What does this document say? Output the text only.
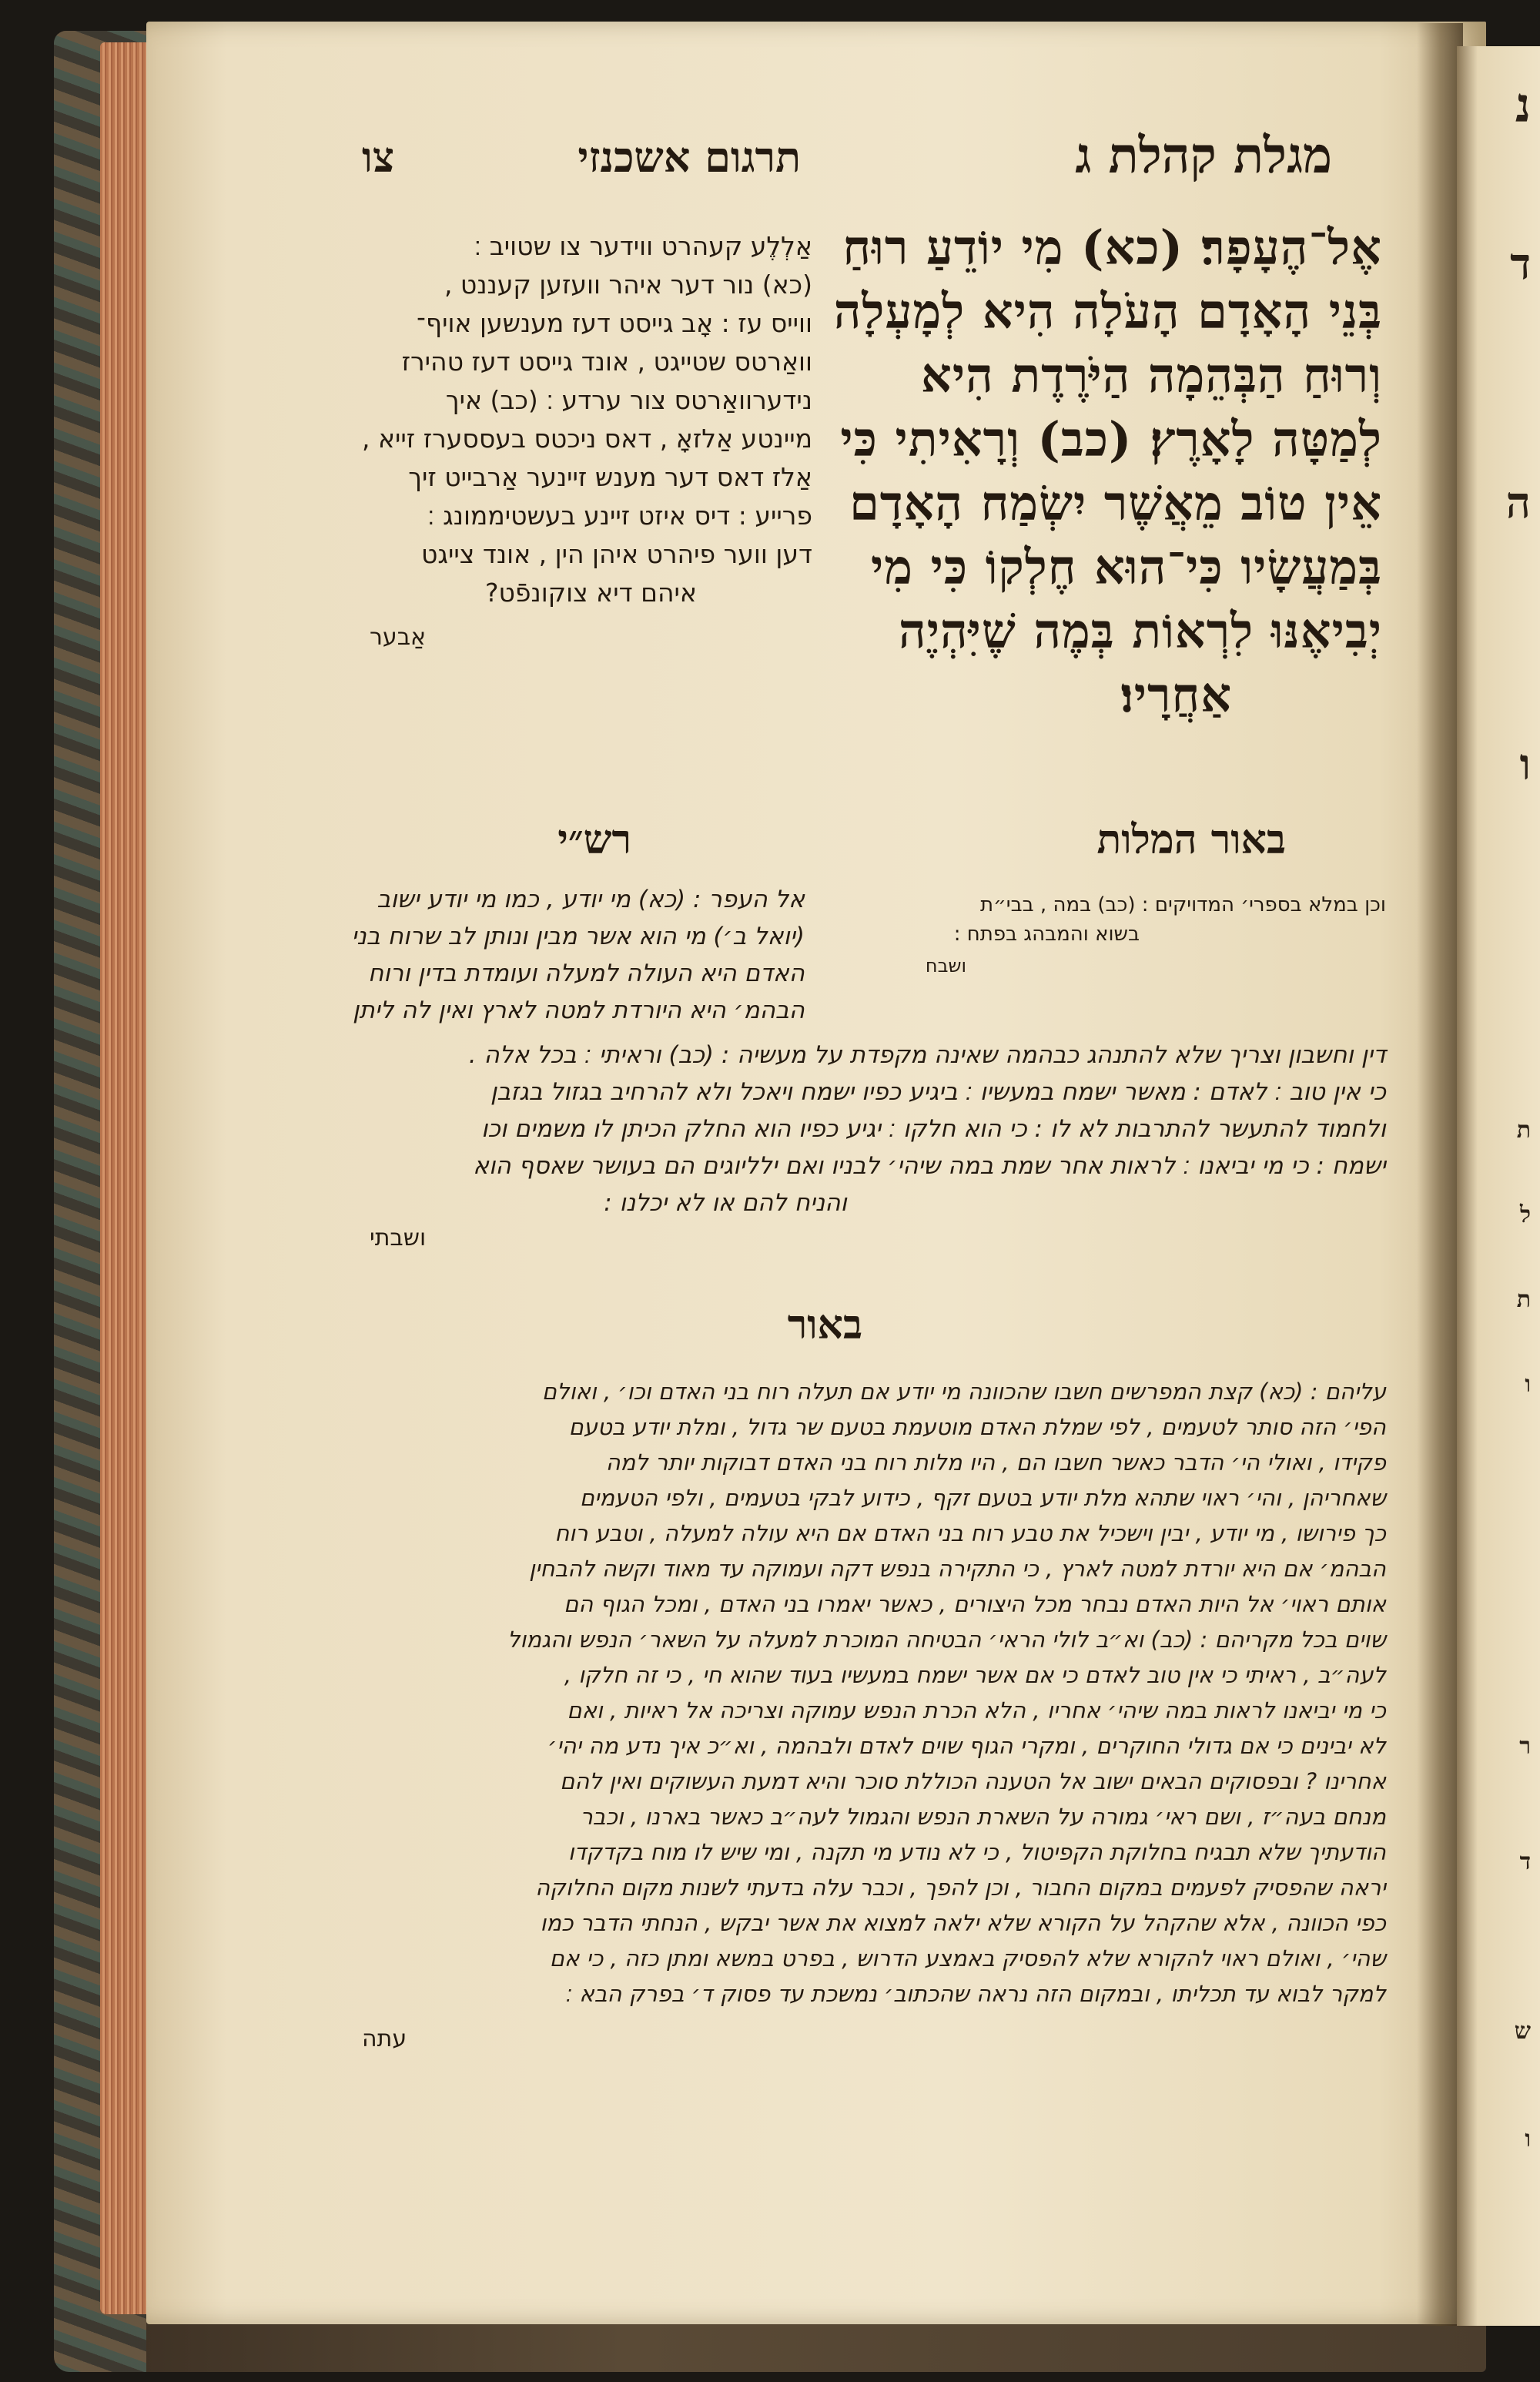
נ
ד
ה
ו
ת
ל
ת
ו
ר
ד
ש
ו
מגלת קהלת ג
תרגום אשכנזי
צו
אֶל־הֶעָפָר׃ (כא) מִי יוֹדֵעַ רוּחַ
בְּנֵי הָאָדָם הָעֹלָה הִיא לְמָעְלָה
וְרוּחַ הַבְּהֵמָה הַיֹּרֶדֶת הִיא
לְמַטָּה לָאָרֶץ׃ (כב) וְרָאִיתִי כִּי
אֵין טוֹב מֵאֲשֶׁר יִשְׂמַח הָאָדָם
בְּמַעֲשָׂיו כִּי־הוּא חֶלְקוֹ כִּי מִי
יְבִיאֶנּוּ לִרְאוֹת בְּמֶה שֶׁיִּהְיֶה
אַחֲרָיו׃
אַלְלֶע קעהרט ווידער צו שטויב ׃
(כא) נור דער איהר וועזען קעננט ,
ווייס עז : אָב גייסט דעז מענשען אויף־
וואַרטס שטייגט , אונד גייסט דעז טהירז
נידערוואַרטס צור ערדע ׃ (כב) איך
מיינטע אַלזאָ , דאס ניכטס בעססערז זייא ,
אַלז דאס דער מענש זיינער אַרבייט זיך
פרייע : דיס איזט זיינע בעשטיממונג ׃
דען ווער פיהרט איהן הין , אונד צייגט
איהם דיא צוקונפֿט?
אַבער
באור המלות
וכן במלא בספרי׳ המדויקים : (כב) במה , בבי״ת
בשוא והמבהג בפתח :
ושבח
רש״י
אל העפר : (כא) מי יודע , כמו מי יודע ישוב
(יואל ב׳) מי הוא אשר מבין ונותן לב שרוח בני
האדם היא העולה למעלה ועומדת בדין ורוח
הבהמ׳ היא היורדת למטה לארץ ואין לה ליתן
דין וחשבון וצריך שלא להתנהג כבהמה שאינה מקפדת על מעשיה : (כב) וראיתי ׃ בכל אלה .
כי אין טוב ׃ לאדם : מאשר ישמח במעשיו ׃ ביגיע כפיו ישמח ויאכל ולא להרחיב בגזול בגזבן
ולחמוד להתעשר להתרבות לא לו : כי הוא חלקו ׃ יגיע כפיו הוא החלק הכיתן לו משמים וכו
ישמח : כי מי יביאנו ׃ לראות אחר שמת במה שיהי׳ לבניו ואם ילליוגים הם בעושר שאסף הוא
והניח להם או לא יכלנו :
ושבתי
באור
עליהם : (כא) קצת המפרשים חשבו שהכוונה מי יודע אם תעלה רוח בני האדם וכו׳ , ואולם
הפי׳ הזה סותר לטעמים , לפי שמלת האדם מוטעמת בטעם שר גדול , ומלת יודע בטעם
פקידו , ואולי הי׳ הדבר כאשר חשבו הם , היו מלות רוח בני האדם דבוקות יותר למה
שאחריהן , והי׳ ראוי שתהא מלת יודע בטעם זקף , כידוע לבקי בטעמים , ולפי הטעמים
כך פירושו , מי יודע , יבין וישכיל את טבע רוח בני האדם אם היא עולה למעלה , וטבע רוח
הבהמ׳ אם היא יורדת למטה לארץ , כי התקירה בנפש דקה ועמוקה עד מאוד וקשה להבחין
אותם ראוי׳ אל היות האדם נבחר מכל היצורים , כאשר יאמרו בני האדם , ומכל הגוף הם
שוים בכל מקריהם : (כב) וא״ב לולי הראי׳ הבטיחה המוכרת למעלה על השאר׳ הנפש והגמול
לעה״ב , ראיתי כי אין טוב לאדם כי אם אשר ישמח במעשיו בעוד שהוא חי , כי זה חלקו ,
כי מי יביאנו לראות במה שיהי׳ אחריו , הלא הכרת הנפש עמוקה וצריכה אל ראיות , ואם
לא יבינים כי אם גדולי החוקרים , ומקרי הגוף שוים לאדם ולבהמה , וא״כ איך נדע מה יהי׳
אחרינו ? ובפסוקים הבאים ישוב אל הטענה הכוללת סוכר והיא דמעת העשוקים ואין להם
מנחם בעה״ז , ושם ראי׳ גמורה על השארת הנפש והגמול לעה״ב כאשר בארנו , וכבר
הודעתיך שלא תבגיח בחלוקת הקפיטול , כי לא נודע מי תקנה , ומי שיש לו מוח בקדקדו
יראה שהפסיק לפעמים במקום החבור , וכן להפך , וכבר עלה בדעתי לשנות מקום החלוקה
כפי הכוונה , אלא שהקהל על הקורא שלא ילאה למצוא את אשר יבקש , הנחתי הדבר כמו
שהי׳ , ואולם ראוי להקורא שלא להפסיק באמצע הדרוש , בפרט במשא ומתן כזה , כי אם
למקר לבוא עד תכליתו , ובמקום הזה נראה שהכתוב׳ נמשכת עד פסוק ד׳ בפרק הבא ׃
עתה
